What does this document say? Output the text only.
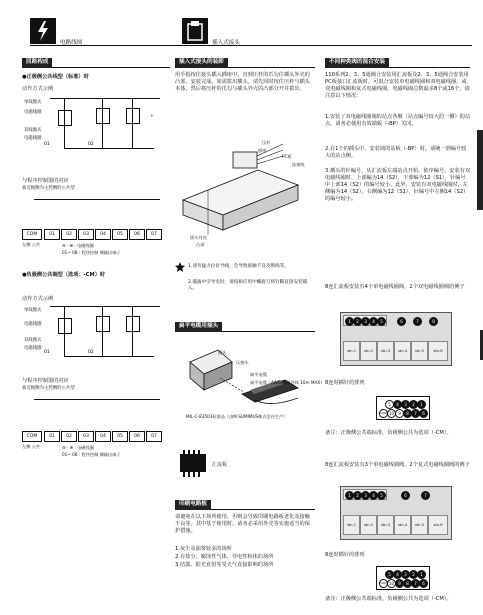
电路线图	插入式接头
回路构成
●正极侧公共线型（标准）时
动作方式示例
单线圈式
电磁线圈
双线圈式
电磁线圈
01	02
+
与程序控制器的对应
靠近极侧为主控侧的公共型
COM	01	02	03	04	05	06	07
左侧 公共	⊖ · ⊕ : 电磁线圈
01~ 08 : 程序控制 侧输出端子
●负极侧公共端型（选项：-CM）时
动作方式示例
单线圈式
电磁线圈
双线圈式
电磁线圈
01	02
与程序控制器的对应
靠近极侧为主控侧的公共型
COM	01	02	03	04	05	06	07
左侧 公共	⊖ · ⊕ : 电磁线圈
01~ 08 : 程序控制 侧输出端子
插入式接头的装卸
用手指按住接头插入插座中，直到压杆的爪勾住插头外壳的凸部，安装完成。如需拔出插头，请先同时按住压杆与插头本体，然后将压杆的爪勾与插头外壳的凸部分开并拔出。
压杆
插座
PC板
连接线
插头外壳
凸部
1.请勿猛力拉扯导线，会导致接触不良及断线等。
2.插拔中引导电时，请按相应用中螺旋刀将针脚直接安装插入。
扁平电缆用插头
插头
压接头
扁平电缆
扁平电缆（AWG28用导体 10m MAX）
MIL-C-83503标准品（由M SUMIMUS株式会社生产）
汇流板
印刷电路板
请避免在以下场所使用，否则会导致印刷电路板老化及接触不良等。其中基于使用时，请务必采用外壳等实施适当的保护措施。
1.灰尘及油雾较多的场所
2.有盐分，腐蚀性气体、导电性粉体的场所
3.结露、阳光直射等受天气直接影响的场所
不同种类阀的混合安装
110系列2、3、5通阀合安装用汇流板及2、3、5通阀合安装用PC板接口汇流板时，可混合安装单电磁线圈和双电磁线圈，或双电磁线圈和复式电磁线圈。电磁线圈总数最多8个或16个，请注意以下情况：
1.安装了双电磁线圈阀的站点各侧（站点编号较大的一侧）的站点，请务必使用有效端板（-BP）关闭。
2.在1个的插头中，安装调的站板（-BP）时，请统一到编号较大的站点侧。
3.插头的针编号，从汇流板左端站点开始，依序编号。安装有双电磁线圈时，上部编为14（S2），下部编为12（S1），针编号中上部14（S2）的编号较小。此外，安装有双电磁线圈时，左侧编为14（S2），右侧编为12（S1），针编号中左侧14（S2）的编号较小。
8连汇流板安装有4个单电磁线圈阀、2个双电磁线圈阀的例子
1	2	3	4	5	6	7	8
stn.1	stn.2	stn.3	stn.4	stn.5	stn.6
8连时插针的排列
5	4	3	2	1
COM 10	9	8	7	6
备注：正极侧公共端标准，负极侧公共为选项（-CM）。
8连汇流板安装有3个单电磁线圈阀、2个复式电磁线圈阀的例子
1	2	3	4	5	6	7
stn.1	stn.2	stn.3	stn.4	stn.5	stn.6
8连时插针的排列
5	4	3	2	1
COM 10	9	8	7	6
备注：正极侧公共端标准，负极侧公共为选项（-CM）。
